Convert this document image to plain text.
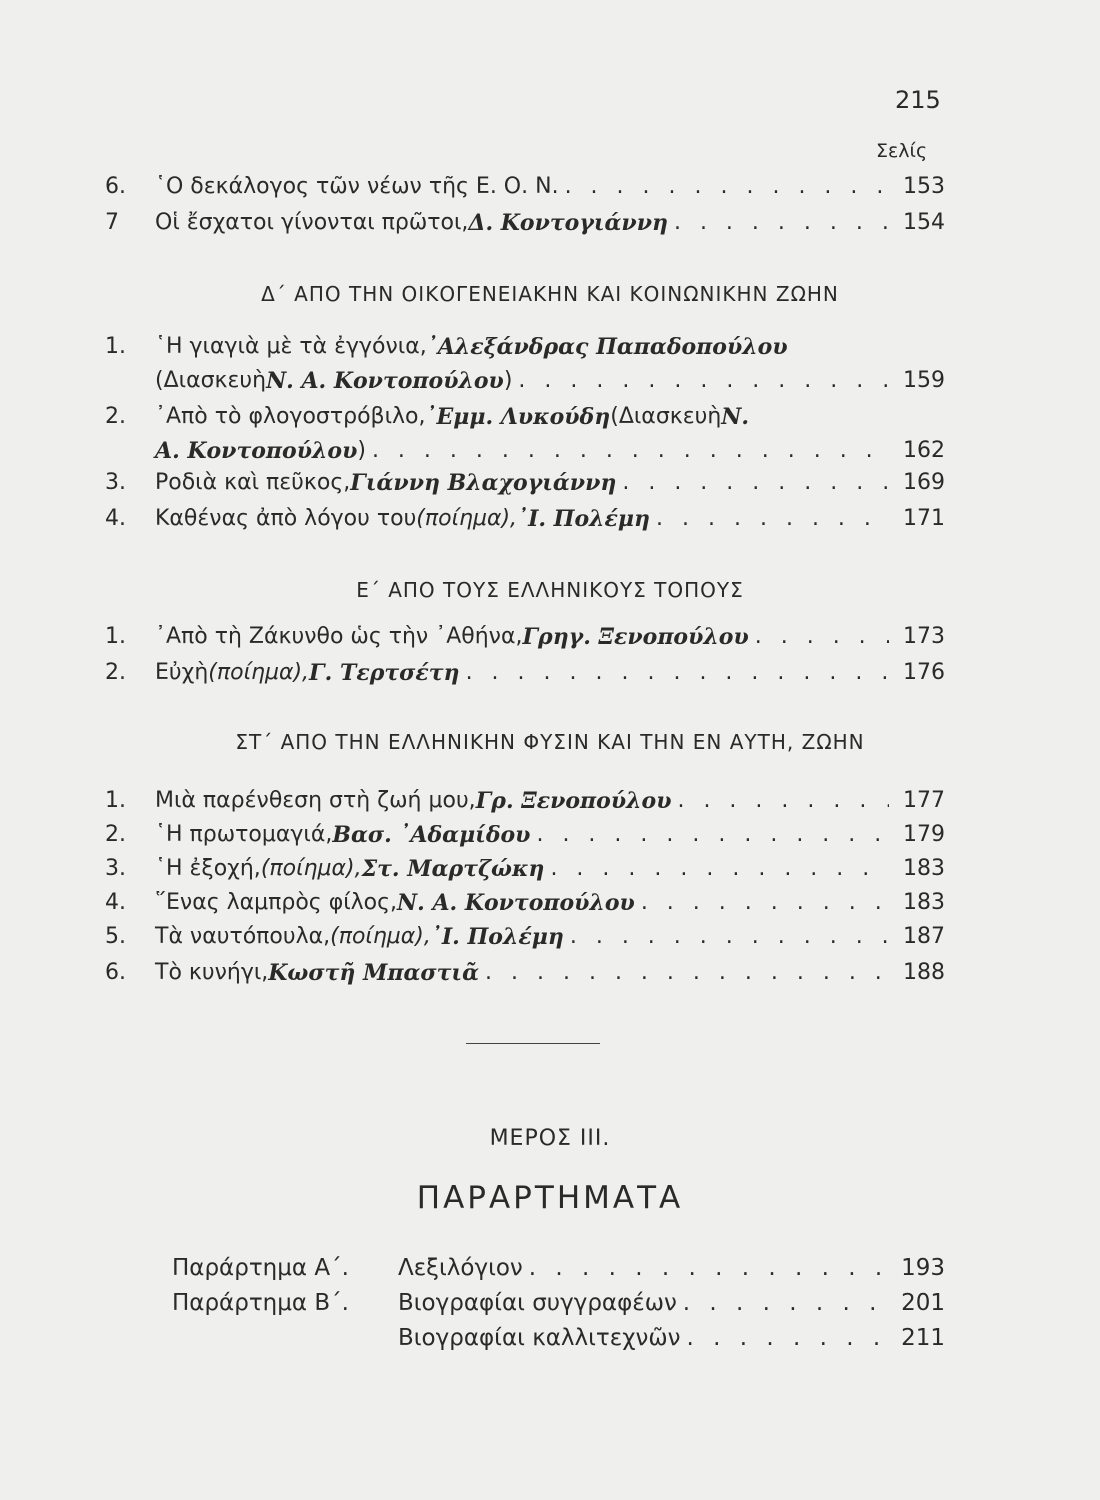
215
Σελίς
6.	῾Ο δεκάλογος τῶν νέων τῆς Ε. Ο. Ν. . . .	153
7	Οἱ ἔσχατοι γίνονται πρῶτοι, Δ. Κοντογιάννη . . .	154
Δ΄ ΑΠΟ ΤΗΝ ΟΙΚΟΓΕΝΕΙΑΚΗΝ ΚΑΙ ΚΟΙΝΩΝΙΚΗΝ ΖΩΗΝ
1.	῾Η γιαγιὰ μὲ τὰ ἐγγόνια, ᾿Αλεξάνδρας Παπαδοπούλου
(Διασκευὴ Ν. Α. Κοντοπούλου ) . . .	159
2.	᾿Απὸ τὸ φλογοστρόβιλο, ᾿Εμμ. Λυκούδη (Διασκευὴ Ν.
Α. Κοντοπούλου ) . . .	162
3.	Ροδιὰ καὶ πεῦκος, Γιάννη Βλαχογιάννη . . .	169
4.	Καθένας ἀπὸ λόγου του (ποίημα), ᾿Ι. Πολέμη . . .	171
Ε΄ ΑΠΟ ΤΟΥΣ ΕΛΛΗΝΙΚΟΥΣ ΤΟΠΟΥΣ
1.	᾿Απὸ τὴ Ζάκυνθο ὡς τὴν ᾿Αθήνα, Γρηγ. Ξενοπούλου . . .	173
2.	Εὐχὴ (ποίημα), Γ. Τερτσέτη . . .	176
ΣΤ΄ ΑΠΟ ΤΗΝ ΕΛΛΗΝΙΚΗΝ ΦΥΣΙΝ ΚΑΙ ΤΗΝ ΕΝ ΑΥΤΗ, ΖΩΗΝ
1.	Μιὰ παρένθεση στὴ ζωή μου, Γρ. Ξενοπούλου . . .	177
2.	῾Η πρωτομαγιά, Βασ. ᾿Αδαμίδου . . .	179
3.	῾Η ἐξοχή, (ποίημα), Στ. Μαρτζώκη . . .	183
4.	῞Ενας λαμπρὸς φίλος, Ν. Α. Κοντοπούλου . . .	183
5.	Τὰ ναυτόπουλα, (ποίημα), ᾿Ι. Πολέμη . . .	187
6.	Τὸ κυνήγι, Κωστῆ Μπαστιᾶ . . .	188
ΜΕΡΟΣ ΙΙΙ.
ΠΑΡΑΡΤΗΜΑΤΑ
Παράρτημα Α΄. Λεξιλόγιον . . .	193
Παράρτημα Β΄. Βιογραφίαι συγγραφέων . . .	201
Βιογραφίαι καλλιτεχνῶν . . .	211
